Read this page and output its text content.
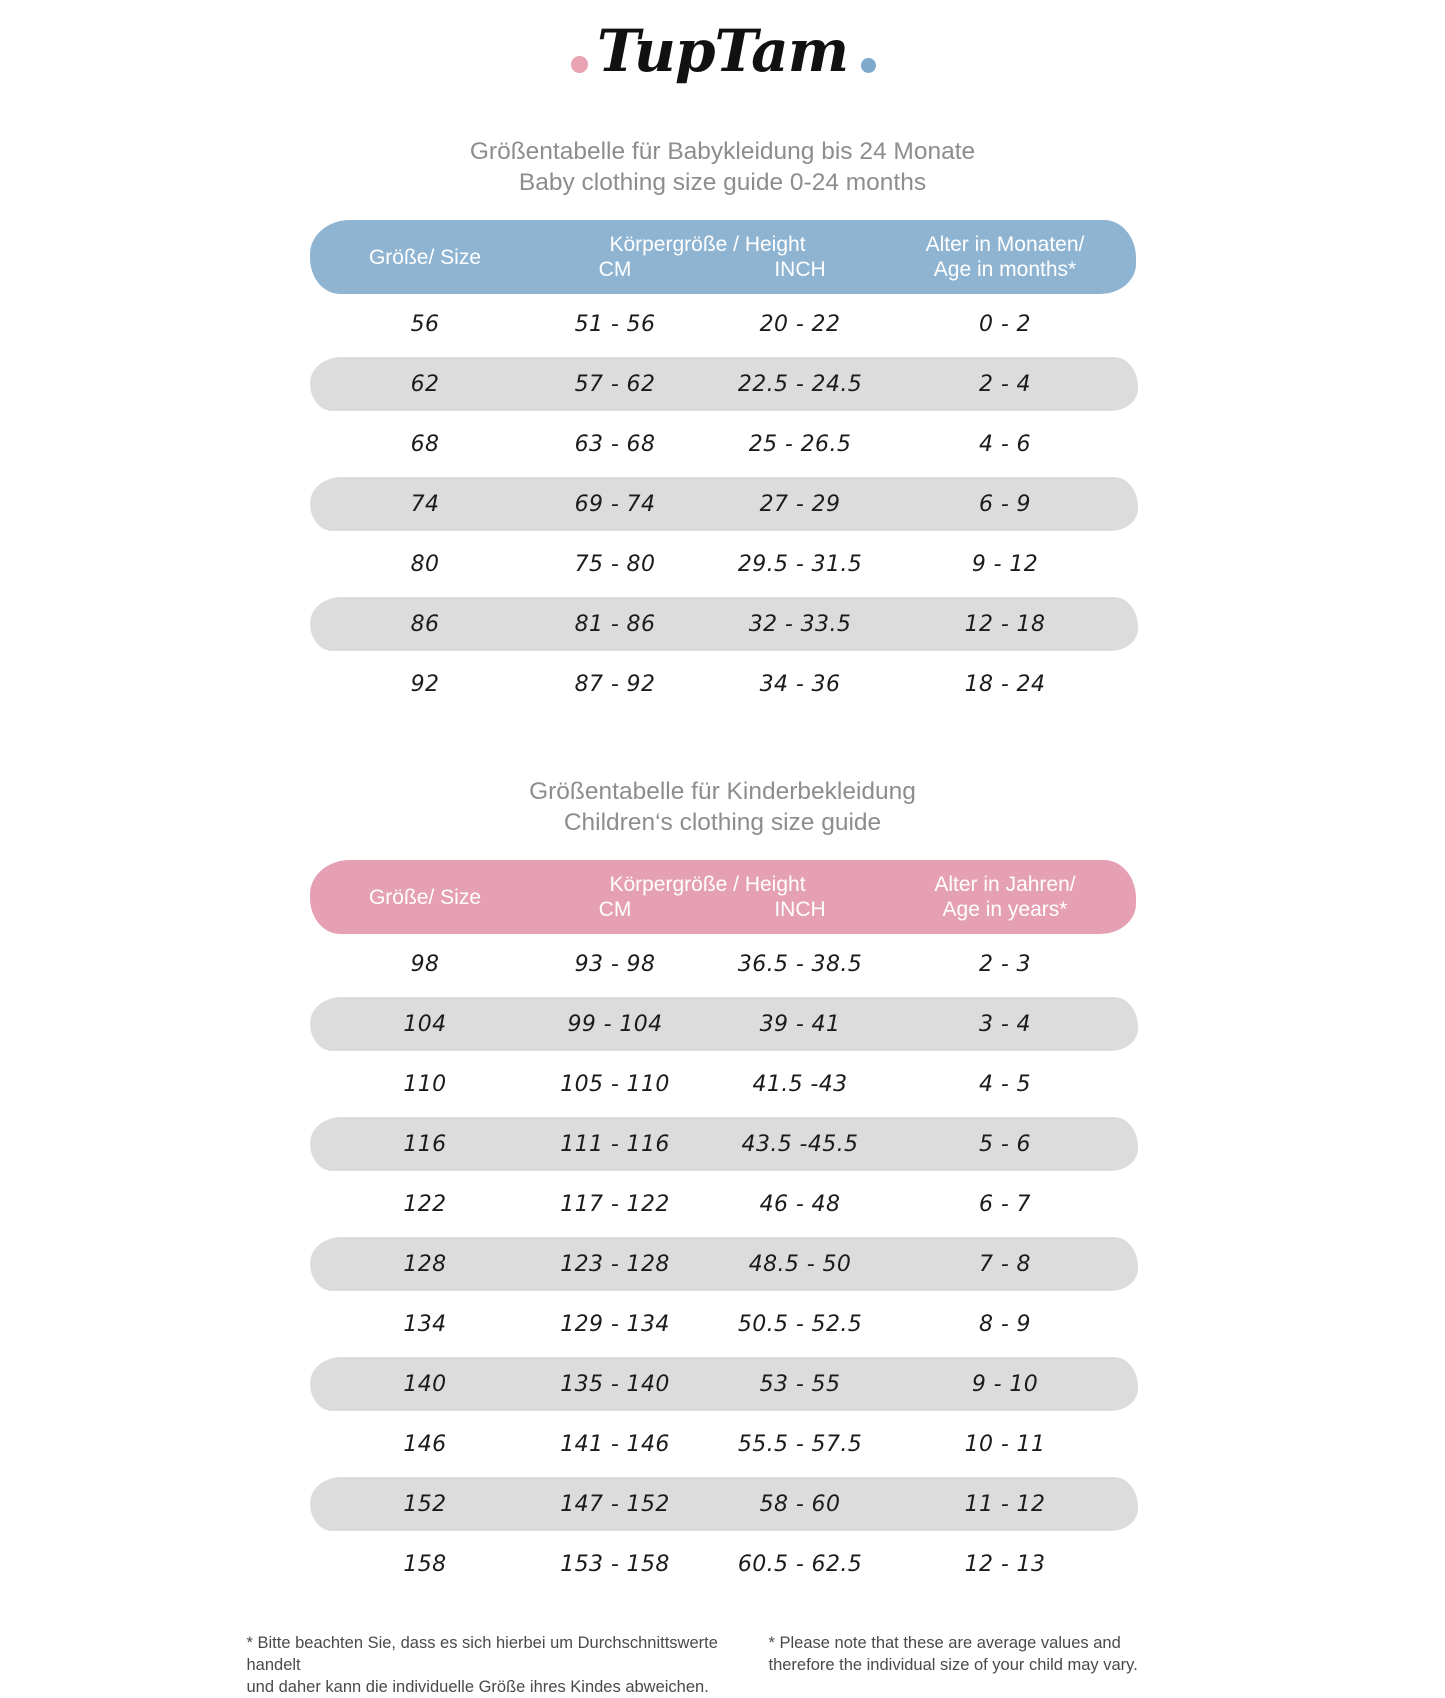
TupTam
Größentabelle für Babykleidung bis 24 Monate
Baby clothing size guide 0-24 months
Größe/ Size
Körpergröße / Height
CM	INCH
Alter in Monaten/
Age in months*
56	51 - 56	20 - 22	0 - 2
62	57 - 62	22.5 - 24.5	2 - 4
68	63 - 68	25 - 26.5	4 - 6
74	69 - 74	27 - 29	6 - 9
80	75 - 80	29.5 - 31.5	9 - 12
86	81 - 86	32 - 33.5	12 - 18
92	87 - 92	34 - 36	18 - 24
Größentabelle für Kinderbekleidung
Children‘s clothing size guide
Größe/ Size
Körpergröße / Height
CM	INCH
Alter in Jahren/
Age in years*
98	93 - 98	36.5 - 38.5	2 - 3
104	99 - 104	39 - 41	3 - 4
110	105 - 110	41.5 -43	4 - 5
116	111 - 116	43.5 -45.5	5 - 6
122	117 - 122	46 - 48	6 - 7
128	123 - 128	48.5 - 50	7 - 8
134	129 - 134	50.5 - 52.5	8 - 9
140	135 - 140	53 - 55	9 - 10
146	141 - 146	55.5 - 57.5	10 - 11
152	147 - 152	58 - 60	11 - 12
158	153 - 158	60.5 - 62.5	12 - 13
* Bitte beachten Sie, dass es sich hierbei um Durchschnittswerte handelt
und daher kann die individuelle Größe ihres Kindes abweichen.
* Please note that these are average values and
therefore the individual size of your child may vary.
